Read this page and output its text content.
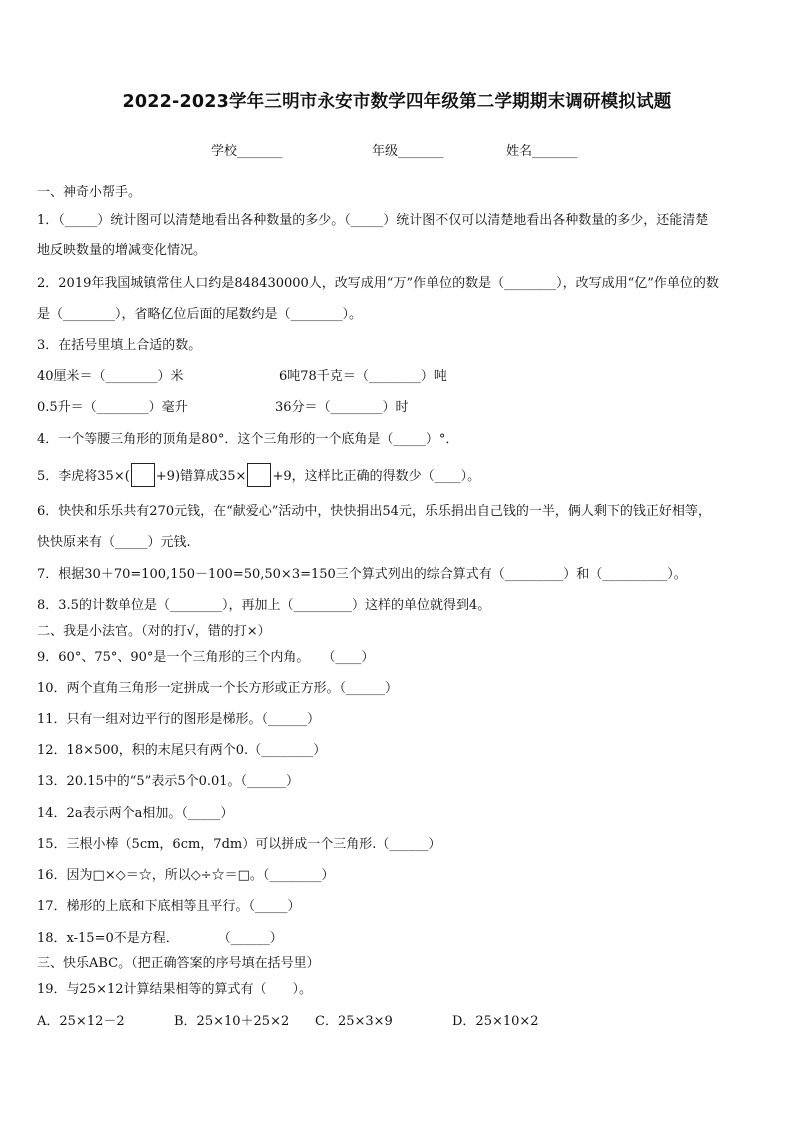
2022-2023学年三明市永安市数学四年级第二学期期末调研模拟试题
学校_______	年级_______	姓名_______
一、神奇小帮手。
1．（_____）统计图可以清楚地看出各种数量的多少。（_____）统计图不仅可以清楚地看出各种数量的多少，还能清楚
地反映数量的增减变化情况。
2．2019年我国城镇常住人口约是848430000人，改写成用“万”作单位的数是（________），改写成用“亿”作单位的数
是（________），省略亿位后面的尾数约是（________）。
3．在括号里填上合适的数。
40厘米＝（________）米	6吨78千克＝（________）吨
0.5升＝（________）毫升	36分＝（________）时
4．一个等腰三角形的顶角是80°．这个三角形的一个底角是（_____）°．
5．李虎将35×( +9)错算成35× +9，这样比正确的得数少（____）。
6．快快和乐乐共有270元钱，在“献爱心”活动中，快快捐出54元，乐乐捐出自己钱的一半，俩人剩下的钱正好相等，
快快原来有（_____）元钱.
7．根据30＋70=100,150－100=50,50×3=150三个算式列出的综合算式有（_________）和（__________）。
8．3.5的计数单位是（________），再加上（_________）这样的单位就得到4。
二、我是小法官。（对的打√，错的打×）
9．60°、75°、90°是一个三角形的三个内角。　　（____）
10．两个直角三角形一定拼成一个长方形或正方形。（______）
11．只有一组对边平行的图形是梯形。（______）
12．18×500，积的末尾只有两个0.（________）
13．20.15中的“5”表示5个0.01。（______）
14．2a表示两个a相加。（_____）
15．三根小棒（5cm，6cm，7dm）可以拼成一个三角形.（______）
16．因为□×◇＝☆，所以◇÷☆＝□。（________）
17．梯形的上底和下底相等且平行。（_____）
18．x-15=0不是方程．　　　　（______）
三、快乐ABC。（把正确答案的序号填在括号里）
19．与25×12计算结果相等的算式有（　　）。
A．25×12－2	B．25×10＋25×2 C．25×3×9	D．25×10×2
